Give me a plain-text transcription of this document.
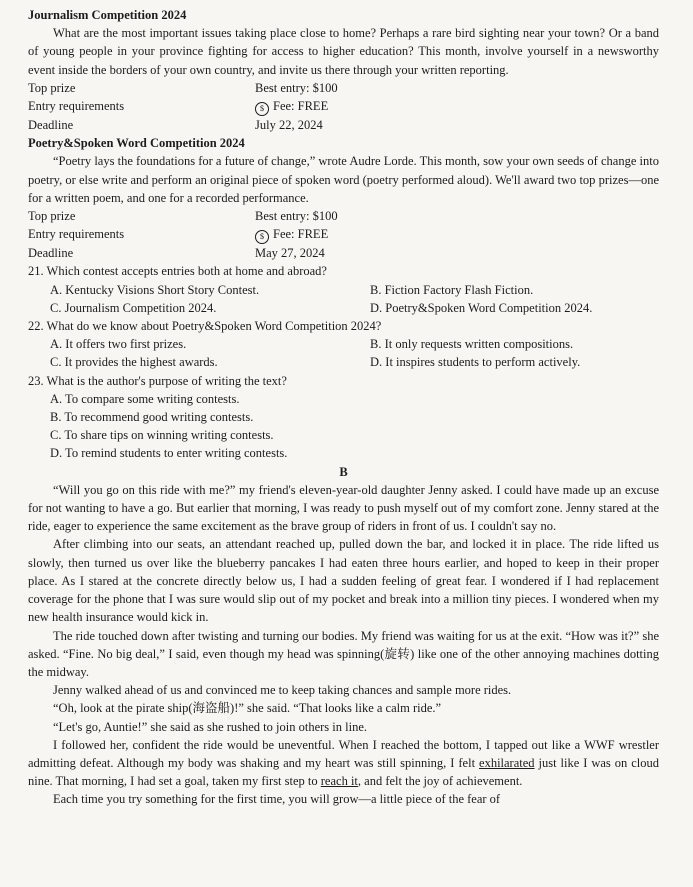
Journalism Competition 2024

What are the most important issues taking place close to home? Perhaps a rare bird sighting near your town? Or a band of young people in your province fighting for access to higher education? This month, involve yourself in a newsworthy event inside the borders of your own country, and invite us there through your written reporting.

Top prize	Best entry: $100
Entry requirements	$ Fee: FREE
Deadline	July 22, 2024
Poetry&Spoken Word Competition 2024

“Poetry lays the foundations for a future of change,” wrote Audre Lorde. This month, sow your own seeds of change into poetry, or else write and perform an original piece of spoken word (poetry performed aloud). We'll award two top prizes—one for a written poem, and one for a recorded performance.

Top prize	Best entry: $100
Entry requirements	$ Fee: FREE
Deadline	May 27, 2024
21. Which contest accepts entries both at home and abroad?
A. Kentucky Visions Short Story Contest.	B. Fiction Factory Flash Fiction.
C. Journalism Competition 2024.	D. Poetry&Spoken Word Competition 2024.
22. What do we know about Poetry&Spoken Word Competition 2024?
A. It offers two first prizes.	B. It only requests written compositions.
C. It provides the highest awards.	D. It inspires students to perform actively.
23. What is the author's purpose of writing the text?
A. To compare some writing contests.
B. To recommend good writing contests.
C. To share tips on winning writing contests.
D. To remind students to enter writing contests.
B

“Will you go on this ride with me?” my friend's eleven-year-old daughter Jenny asked. I could have made up an excuse for not wanting to have a go. But earlier that morning, I was ready to push myself out of my comfort zone. Jenny stared at the ride, eager to experience the same excitement as the brave group of riders in front of us. I couldn't say no.

After climbing into our seats, an attendant reached up, pulled down the bar, and locked it in place. The ride lifted us slowly, then turned us over like the blueberry pancakes I had eaten three hours earlier, and hoped to keep in their proper place. As I stared at the concrete directly below us, I had a sudden feeling of great fear. I wondered if I had replacement coverage for the phone that I was sure would slip out of my pocket and break into a million tiny pieces. I wondered when my new health insurance would kick in.

The ride touched down after twisting and turning our bodies. My friend was waiting for us at the exit. “How was it?” she asked. “Fine. No big deal,” I said, even though my head was spinning(旋转) like one of the other annoying machines dotting the midway.

Jenny walked ahead of us and convinced me to keep taking chances and sample more rides.

“Oh, look at the pirate ship(海盗船)!” she said. “That looks like a calm ride.”

“Let's go, Auntie!” she said as she rushed to join others in line.

I followed her, confident the ride would be uneventful. When I reached the bottom, I tapped out like a WWF wrestler admitting defeat. Although my body was shaking and my heart was still spinning, I felt exhilarated just like I was on cloud nine. That morning, I had set a goal, taken my first step to reach it, and felt the joy of achievement.

Each time you try something for the first time, you will grow—a little piece of the fear of
